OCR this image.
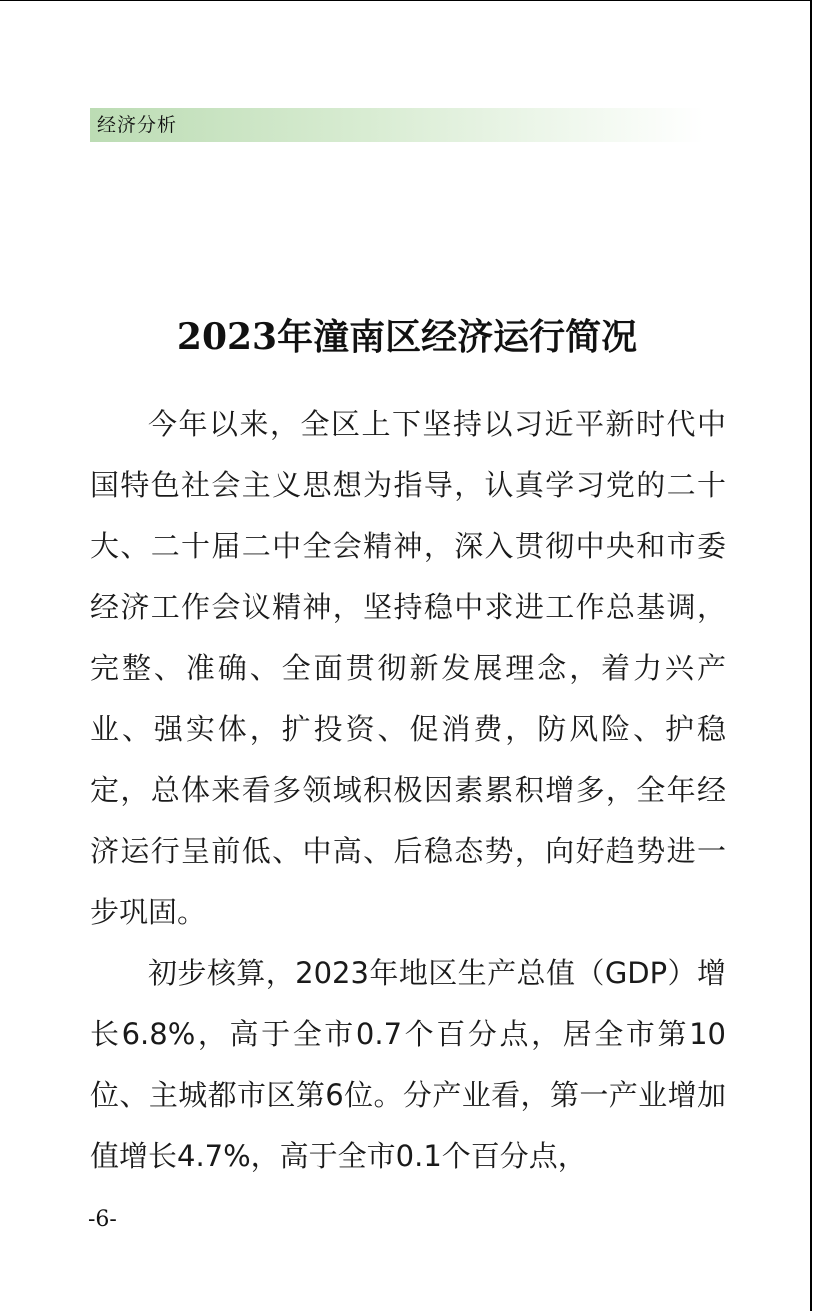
经济分析
2023年潼南区经济运行简况

今年以来，全区上下坚持以习近平新时代中国特色社会主义思想为指导，认真学习党的二十大、二十届二中全会精神，深入贯彻中央和市委经济工作会议精神，坚持稳中求进工作总基调，完整、准确、全面贯彻新发展理念，着力兴产业、强实体，扩投资、促消费，防风险、护稳定，总体来看多领域积极因素累积增多，全年经济运行呈前低、中高、后稳态势，向好趋势进一步巩固。

初步核算，2023年地区生产总值（GDP）增长6.8%，高于全市0.7个百分点，居全市第10位、主城都市区第6位。分产业看，第一产业增加值增长4.7%，高于全市0.1个百分点，

-6-
